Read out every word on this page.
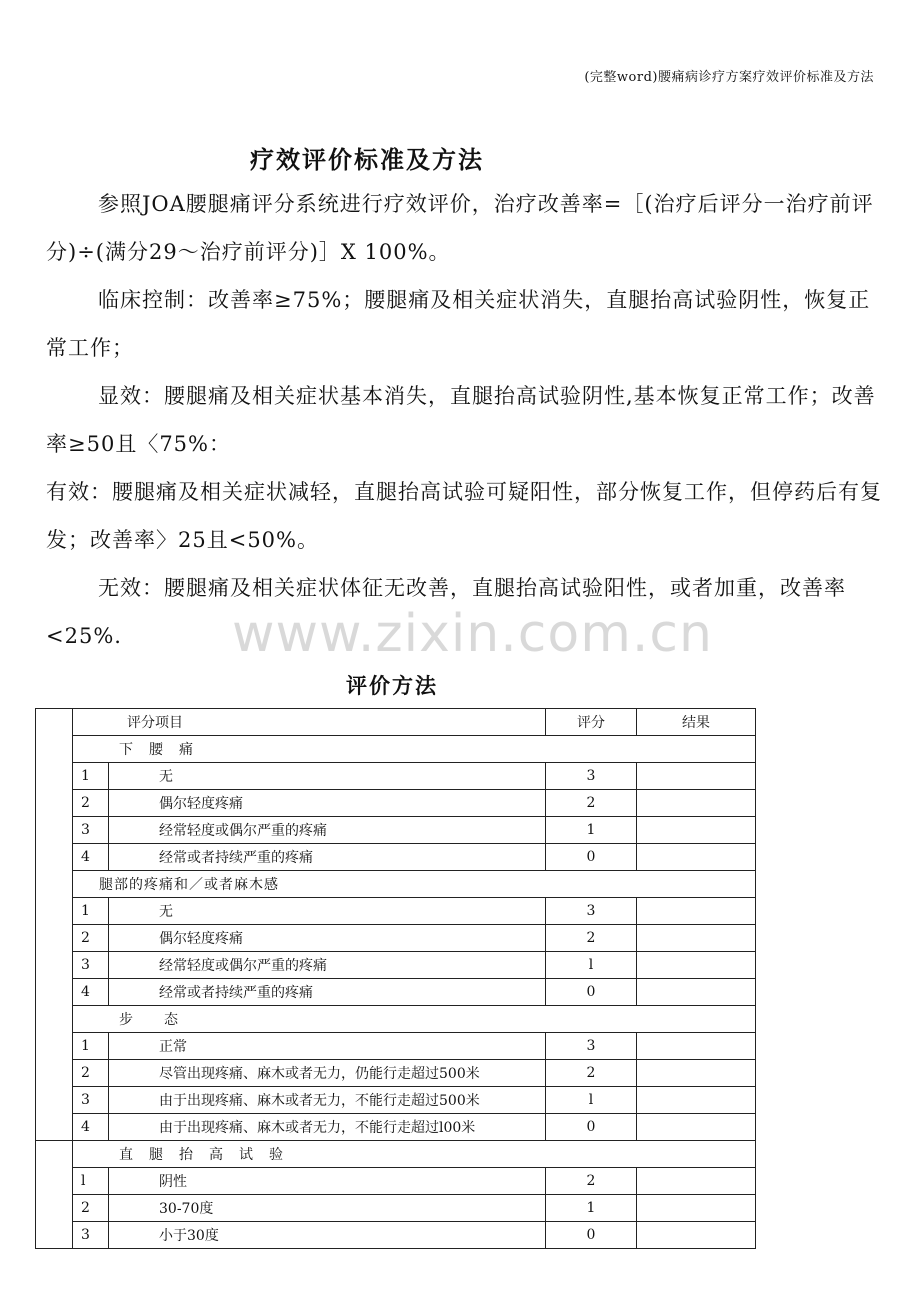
(完整word)腰痛病诊疗方案疗效评价标准及方法
疗效评价标准及方法
参照JOA腰腿痛评分系统进行疗效评价，治疗改善率=［(治疗后评分一治疗前评分)÷(满分29～治疗前评分)］X 100%。
临床控制：改善率≥75%；腰腿痛及相关症状消失，直腿抬高试验阴性，恢复正常工作；
显效：腰腿痛及相关症状基本消失，直腿抬高试验阴性,基本恢复正常工作；改善率≥50且〈75%：
有效：腰腿痛及相关症状减轻，直腿抬高试验可疑阳性，部分恢复工作，但停药后有复发；改善率〉25且<50%。
无效：腰腿痛及相关症状体征无改善，直腿抬高试验阳性，或者加重，改善率<25%.	www.zixin.com.cn
评价方法
	评分项目		评分	结果
	下　腰　痛			
	1	无	3	
	2	偶尔轻度疼痛	2	
	3	经常轻度或偶尔严重的疼痛	1	
	4	经常或者持续严重的疼痛	0	
	腿部的疼痛和／或者麻木感			
	1	无	3	
	2	偶尔轻度疼痛	2	
	3	经常轻度或偶尔严重的疼痛	l	
	4	经常或者持续严重的疼痛	0	
	步　　态			
	1	正常	3	
	2	尽管出现疼痛、麻木或者无力，仍能行走超过500米	2	
	3	由于出现疼痛、麻木或者无力，不能行走超过500米	l	
	4	由于出现疼痛、麻木或者无力，不能行走超过l00米	0	
	直　腿　抬　高　试　验			
	l	阴性	2	
	2	30-70度	1	
	3	小于30度	0	
